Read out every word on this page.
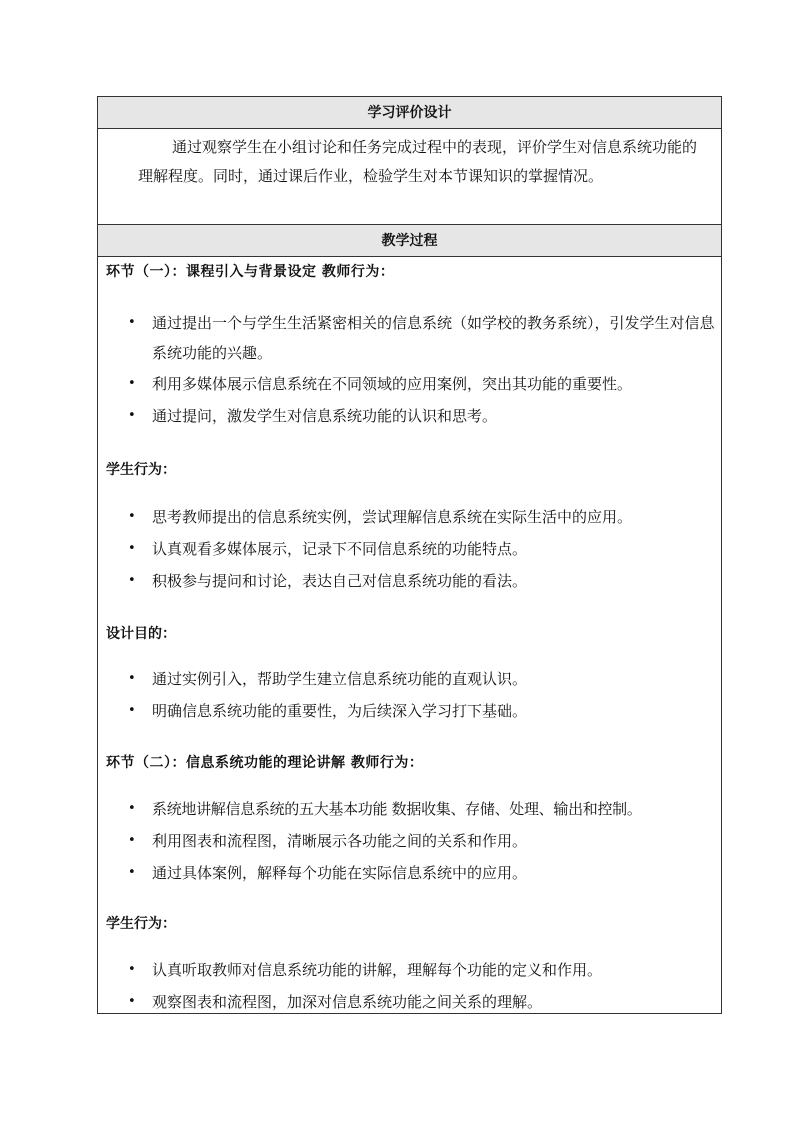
学习评价设计

通过观察学生在小组讨论和任务完成过程中的表现，评价学生对信息系统功能的理解程度。同时，通过课后作业，检验学生对本节课知识的掌握情况。

教学过程
环节（一）：课程引入与背景设定 教师行为：
• 通过提出一个与学生生活紧密相关的信息系统（如学校的教务系统），引发学生对信息系统功能的兴趣。
• 利用多媒体展示信息系统在不同领域的应用案例，突出其功能的重要性。
• 通过提问，激发学生对信息系统功能的认识和思考。
学生行为：
• 思考教师提出的信息系统实例，尝试理解信息系统在实际生活中的应用。
• 认真观看多媒体展示，记录下不同信息系统的功能特点。
• 积极参与提问和讨论，表达自己对信息系统功能的看法。
设计目的：
• 通过实例引入，帮助学生建立信息系统功能的直观认识。
• 明确信息系统功能的重要性，为后续深入学习打下基础。
环节（二）：信息系统功能的理论讲解 教师行为：
• 系统地讲解信息系统的五大基本功能 数据收集、存储、处理、输出和控制。
• 利用图表和流程图，清晰展示各功能之间的关系和作用。
• 通过具体案例，解释每个功能在实际信息系统中的应用。
学生行为：
• 认真听取教师对信息系统功能的讲解，理解每个功能的定义和作用。
• 观察图表和流程图，加深对信息系统功能之间关系的理解。
